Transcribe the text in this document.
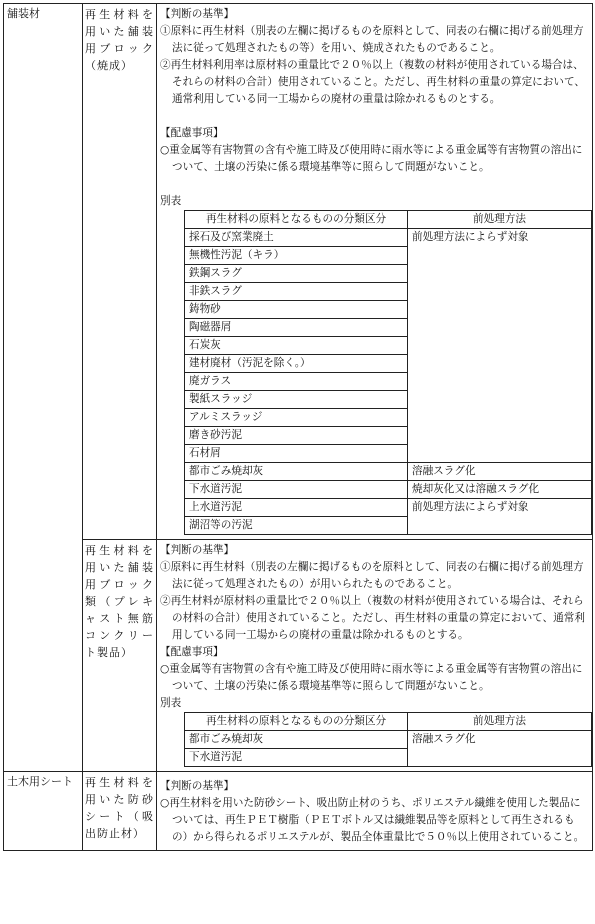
舗装材	再生材料を用いた舗装用ブロック（焼成）	

【判断の基準】

①原料に再生材料（別表の左欄に掲げるものを原料として、同表の右欄に掲げる前処理方法に従って処理されたもの等）を用い、焼成されたものであること。

②再生材料利用率は原材料の重量比で２０％以上（複数の材料が使用されている場合は、それらの材料の合計）使用されていること。ただし、再生材料の重量の算定において、通常利用している同一工場からの廃材の重量は除かれるものとする。

【配慮事項】

○重金属等有害物質の含有や施工時及び使用時に雨水等による重金属等有害物質の溶出について、土壌の汚染に係る環境基準等に照らして問題がないこと。

別表

再生材料の原料となるものの分類区分	前処理方法
採石及び窯業廃土	前処理方法によらず対象
無機性汚泥（キラ）
鉄鋼スラグ
非鉄スラグ
鋳物砂
陶磁器屑
石炭灰
建材廃材（汚泥を除く。）
廃ガラス
製紙スラッジ
アルミスラッジ
磨き砂汚泥
石材屑
都市ごみ焼却灰	溶融スラグ化
下水道汚泥	焼却灰化又は溶融スラグ化
上水道汚泥	前処理方法によらず対象
湖沼等の汚泥

再生材料を用いた舗装用ブロック類（プレキャスト無筋コンクリート製品）	

【判断の基準】

①原料に再生材料（別表の左欄に掲げるものを原料として、同表の右欄に掲げる前処理方法に従って処理されたもの）が用いられたものであること。

②再生材料が原材料の重量比で２０％以上（複数の材料が使用されている場合は、それらの材料の合計）使用されていること。ただし、再生材料の重量の算定において、通常利用している同一工場からの廃材の重量は除かれるものとする。

【配慮事項】

○重金属等有害物質の含有や施工時及び使用時に雨水等による重金属等有害物質の溶出について、土壌の汚染に係る環境基準等に照らして問題がないこと。

別表

再生材料の原料となるものの分類区分	前処理方法
都市ごみ焼却灰	溶融スラグ化
下水道汚泥

土木用シート	再生材料を用いた防砂シート（吸出防止材）	

【判断の基準】

○再生材料を用いた防砂シート、吸出防止材のうち、ポリエステル繊維を使用した製品については、再生ＰＥＴ樹脂（ＰＥＴボトル又は繊維製品等を原料として再生されるもの）から得られるポリエステルが、製品全体重量比で５０％以上使用されていること。
